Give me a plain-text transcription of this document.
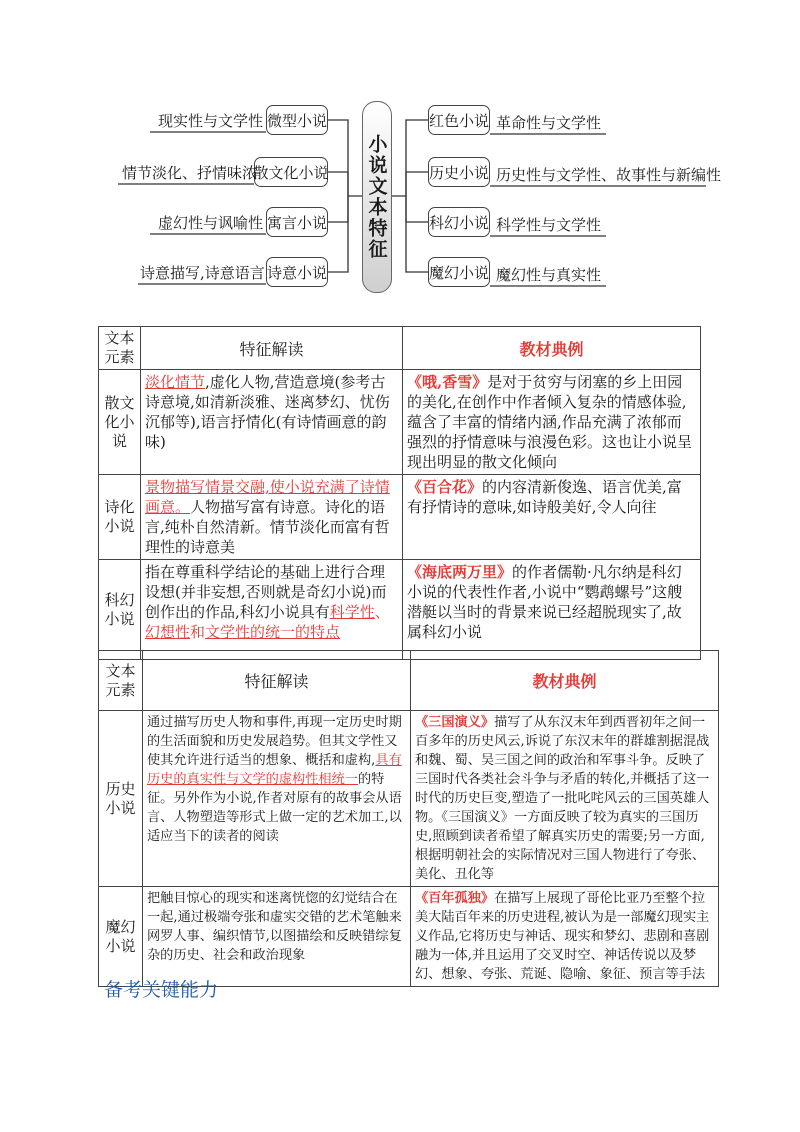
小说文本特征
微型小说
散文化小说
寓言小说
诗意小说
现实性与文学性
情节淡化、抒情味浓
虚幻性与讽喻性
诗意描写,诗意语言
红色小说
历史小说
科幻小说
魔幻小说
革命性与文学性
历史性与文学性、故事性与新编性
科学性与文学性
魔幻性与真实性
文本元素	特征解读	教材典例
散文化小说	淡化情节,虚化人物,营造意境(参考古诗意境,如清新淡雅、迷离梦幻、忧伤沉郁等),语言抒情化(有诗情画意的韵味)	《哦,香雪》是对于贫穷与闭塞的乡上田园的美化,在创作中作者倾入复杂的情感体验,蕴含了丰富的情绪内涵,作品充满了浓郁而强烈的抒情意味与浪漫色彩。这也让小说呈现出明显的散文化倾向
诗化小说	景物描写情景交融,使小说充满了诗情画意。人物描写富有诗意。诗化的语言,纯朴自然清新。情节淡化而富有哲理性的诗意美	《百合花》的内容清新俊逸、语言优美,富有抒情诗的意味,如诗般美好,令人向往
科幻小说	指在尊重科学结论的基础上进行合理设想(并非妄想,否则就是奇幻小说)而创作出的作品,科幻小说具有科学性、幻想性和文学性的统一的特点	《海底两万里》的作者儒勒·凡尔纳是科幻小说的代表性作者,小说中“鹦鹉螺号”这艘潜艇以当时的背景来说已经超脱现实了,故属科幻小说
文本元素	特征解读	教材典例
历史小说	通过描写历史人物和事件,再现一定历史时期的生活面貌和历史发展趋势。但其文学性又使其允许进行适当的想象、概括和虚构,具有历史的真实性与文学的虚构性相统一的特征。另外作为小说,作者对原有的故事会从语言、人物塑造等形式上做一定的艺术加工,以适应当下的读者的阅读	《三国演义》描写了从东汉末年到西晋初年之间一百多年的历史风云,诉说了东汉末年的群雄割据混战和魏、蜀、吴三国之间的政治和军事斗争。反映了三国时代各类社会斗争与矛盾的转化,并概括了这一时代的历史巨变,塑造了一批叱咤风云的三国英雄人物。《三国演义》一方面反映了较为真实的三国历史,照顾到读者希望了解真实历史的需要;另一方面,根据明朝社会的实际情况对三国人物进行了夸张、美化、丑化等
魔幻小说	把触目惊心的现实和迷离恍惚的幻觉结合在一起,通过极端夸张和虚实交错的艺术笔触来网罗人事、编织情节,以图描绘和反映错综复杂的历史、社会和政治现象	《百年孤独》在描写上展现了哥伦比亚乃至整个拉美大陆百年来的历史进程,被认为是一部魔幻现实主义作品,它将历史与神话、现实和梦幻、悲剧和喜剧融为一体,并且运用了交叉时空、神话传说以及梦幻、想象、夸张、荒诞、隐喻、象征、预言等手法
备考关键能力
